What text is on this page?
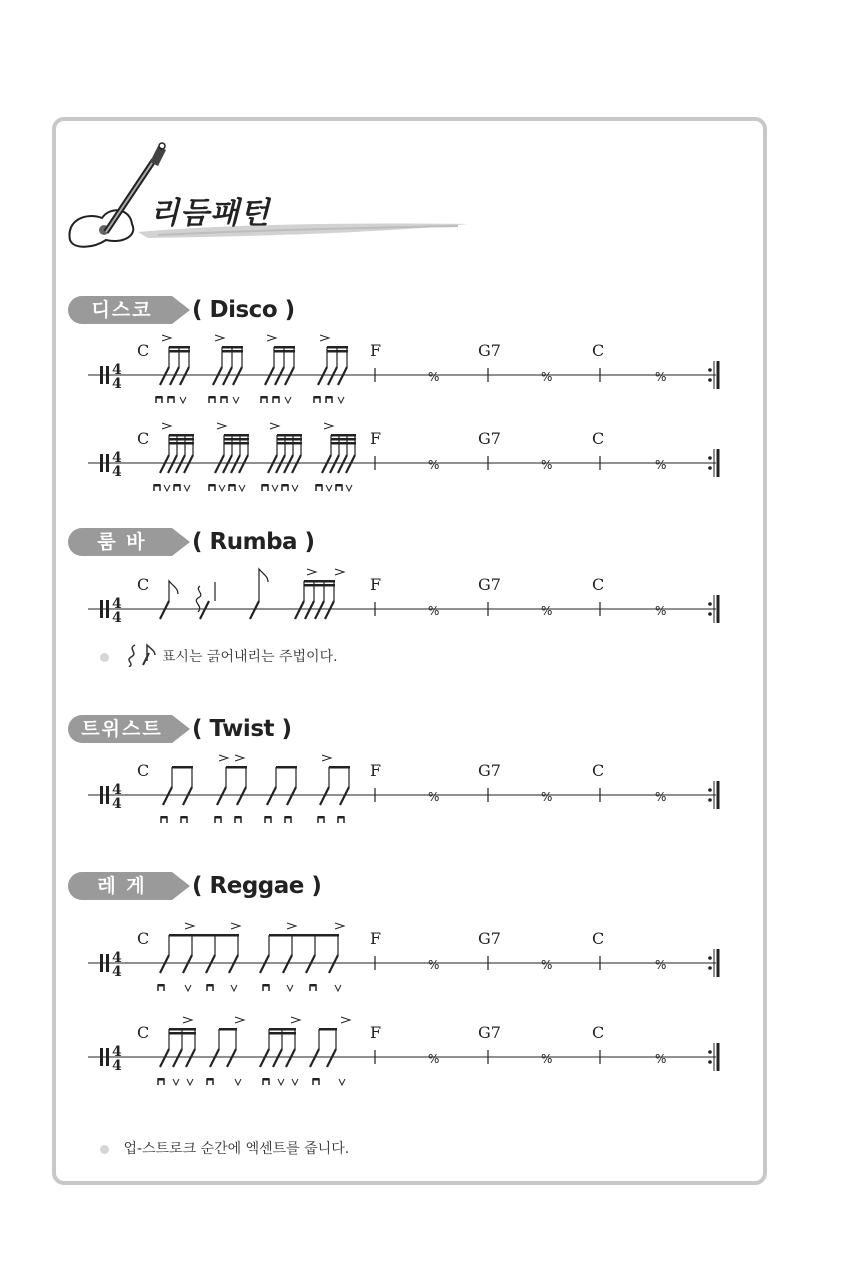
리듬패턴
디스코	( Disco )
룸 바	( Rumba )
트위스트	( Twist )
레 게	( Reggae )
4
4
C	F	G7	C
%	%	%
4
4
C	F	G7	C
%	%	%
4
4
C	F	G7	C
%	%	%
4
4
C	F	G7	C
%	%	%
4
4
C	F	G7	C
%	%	%
4
4
C	F	G7	C
%	%	%
표시는 긁어내리는 주법이다.
업-스트로크 순간에 엑센트를 줍니다.
